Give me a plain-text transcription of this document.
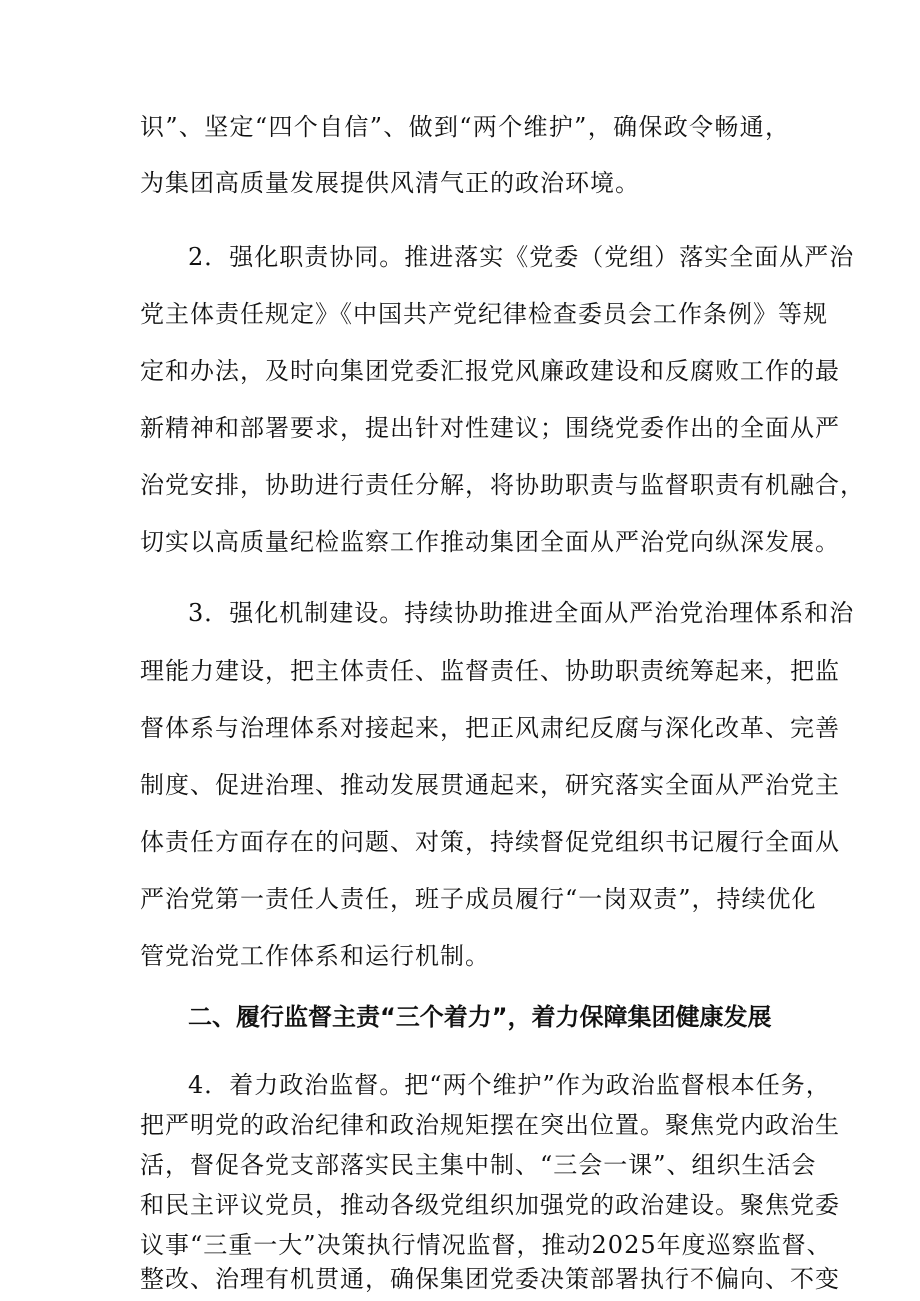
识”、坚定“四个自信”、做到“两个维护”，确保政令畅通，
为集团高质量发展提供风清气正的政治环境。
2．强化职责协同。推进落实《党委（党组）落实全面从严治
党主体责任规定》《中国共产党纪律检查委员会工作条例》等规
定和办法，及时向集团党委汇报党风廉政建设和反腐败工作的最
新精神和部署要求，提出针对性建议；围绕党委作出的全面从严
治党安排，协助进行责任分解，将协助职责与监督职责有机融合，
切实以高质量纪检监察工作推动集团全面从严治党向纵深发展。
3．强化机制建设。持续协助推进全面从严治党治理体系和治
理能力建设，把主体责任、监督责任、协助职责统筹起来，把监
督体系与治理体系对接起来，把正风肃纪反腐与深化改革、完善
制度、促进治理、推动发展贯通起来，研究落实全面从严治党主
体责任方面存在的问题、对策，持续督促党组织书记履行全面从
严治党第一责任人责任，班子成员履行“一岗双责”，持续优化
管党治党工作体系和运行机制。
二、履行监督主责“三个着力”，着力保障集团健康发展
4．着力政治监督。把“两个维护”作为政治监督根本任务，
把严明党的政治纪律和政治规矩摆在突出位置。聚焦党内政治生
活，督促各党支部落实民主集中制、“三会一课”、组织生活会
和民主评议党员，推动各级党组织加强党的政治建设。聚焦党委
议事“三重一大”决策执行情况监督，推动2025年度巡察监督、
整改、治理有机贯通，确保集团党委决策部署执行不偏向、不变
